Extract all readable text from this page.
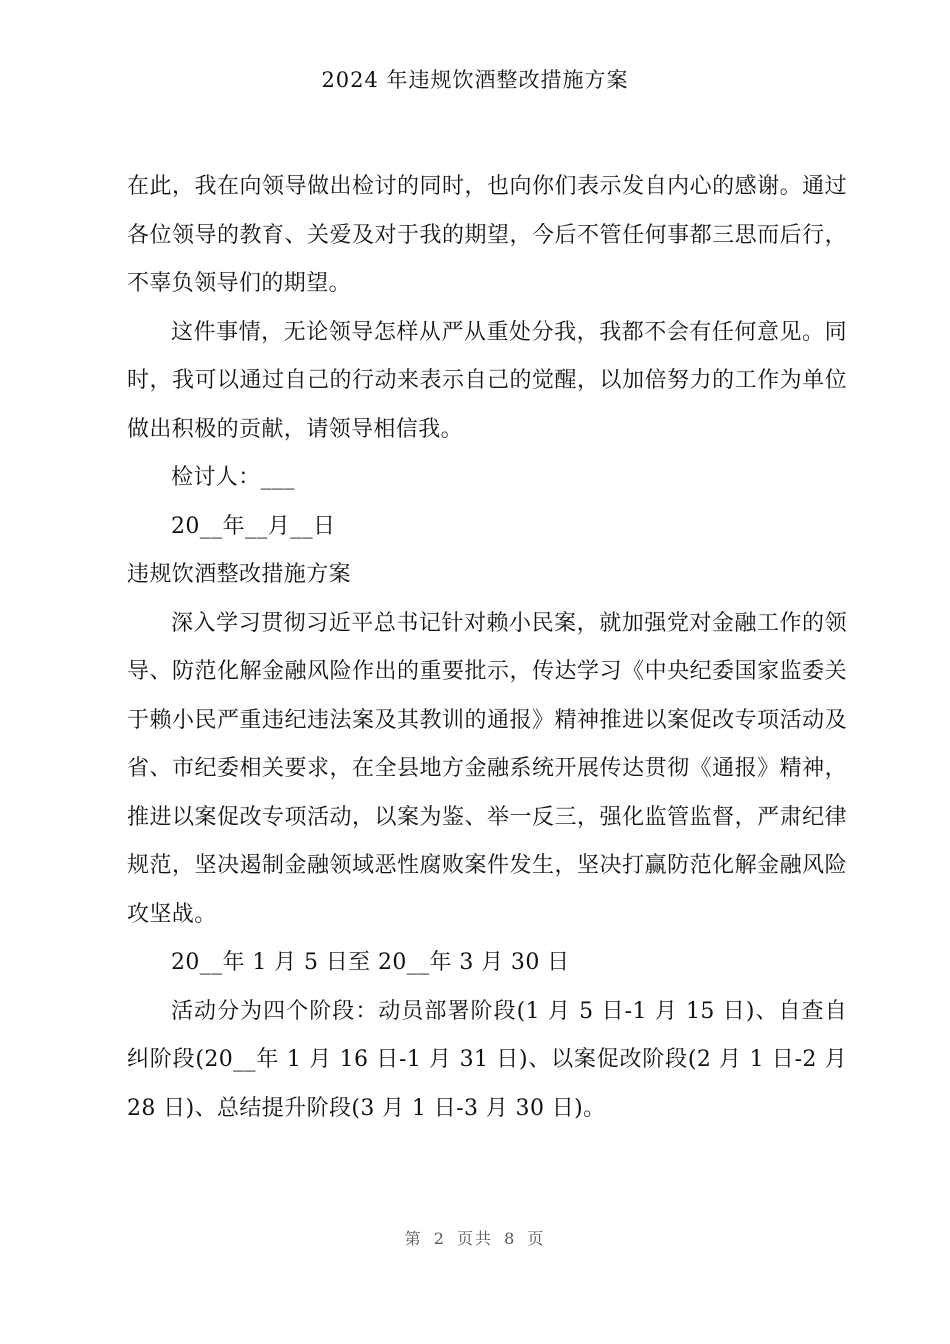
2024 年违规饮酒整改措施方案

在此，我在向领导做出检讨的同时，也向你们表示发自内心的感谢。通过各位领导的教育、关爱及对于我的期望，今后不管任何事都三思而后行，不辜负领导们的期望。

这件事情，无论领导怎样从严从重处分我，我都不会有任何意见。同时，我可以通过自己的行动来表示自己的觉醒，以加倍努力的工作为单位做出积极的贡献，请领导相信我。

检讨人：___

20__年__月__日

违规饮酒整改措施方案

深入学习贯彻习近平总书记针对赖小民案，就加强党对金融工作的领导、防范化解金融风险作出的重要批示，传达学习《中央纪委国家监委关于赖小民严重违纪违法案及其教训的通报》精神推进以案促改专项活动及省、市纪委相关要求，在全县地方金融系统开展传达贯彻《通报》精神，推进以案促改专项活动，以案为鉴、举一反三，强化监管监督，严肃纪律规范，坚决遏制金融领域恶性腐败案件发生，坚决打赢防范化解金融风险攻坚战。

20__年 1 月 5 日至 20__年 3 月 30 日

活动分为四个阶段：动员部署阶段(1 月 5 日-1 月 15 日)、自查自纠阶段(20__年 1 月 16 日-1 月 31 日)、以案促改阶段(2 月 1 日-2 月 28 日)、总结提升阶段(3 月 1 日-3 月 30 日)。

第 2 页共 8 页
